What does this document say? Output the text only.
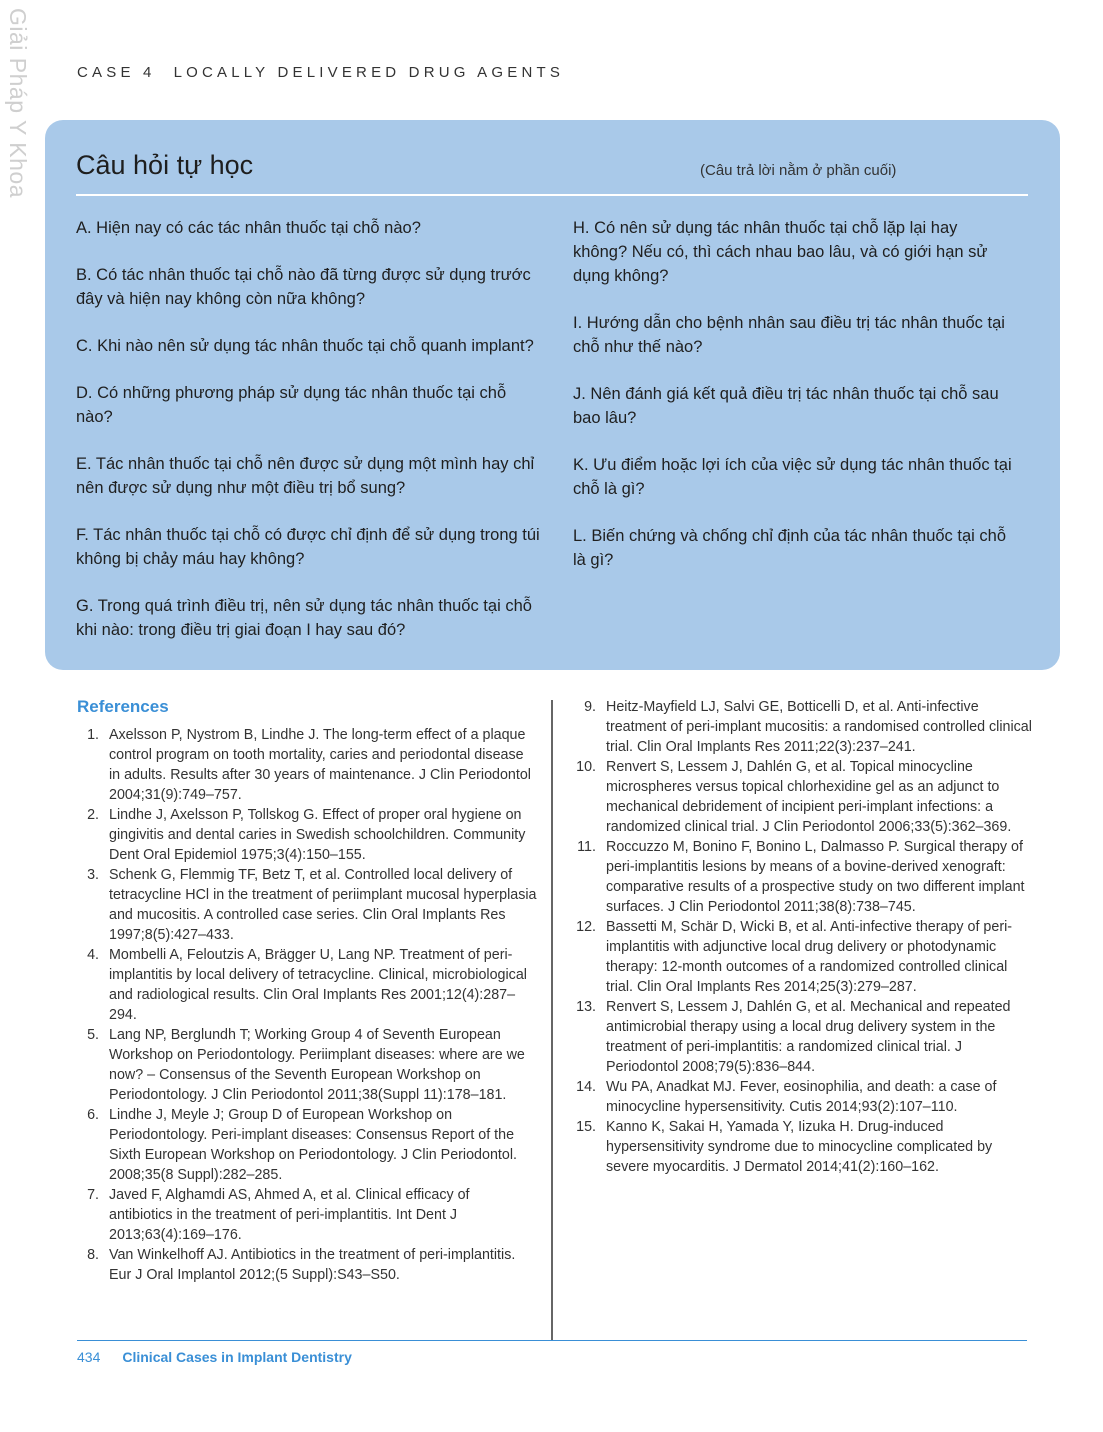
Giải Pháp Y Khoa	CASE 4 LOCALLY DELIVERED DRUG AGENTS
Câu hỏi tự học	(Câu trả lời nằm ở phần cuối)
A. Hiện nay có các tác nhân thuốc tại chỗ nào?
B. Có tác nhân thuốc tại chỗ nào đã từng được sử dụng trước đây và hiện nay không còn nữa không?
C. Khi nào nên sử dụng tác nhân thuốc tại chỗ quanh implant?
D. Có những phương pháp sử dụng tác nhân thuốc tại chỗ nào?
E. Tác nhân thuốc tại chỗ nên được sử dụng một mình hay chỉ nên được sử dụng như một điều trị bổ sung?
F. Tác nhân thuốc tại chỗ có được chỉ định để sử dụng trong túi không bị chảy máu hay không?
G. Trong quá trình điều trị, nên sử dụng tác nhân thuốc tại chỗ khi nào: trong điều trị giai đoạn I hay sau đó?
H. Có nên sử dụng tác nhân thuốc tại chỗ lặp lại hay không? Nếu có, thì cách nhau bao lâu, và có giới hạn sử dụng không?
I. Hướng dẫn cho bệnh nhân sau điều trị tác nhân thuốc tại chỗ như thế nào?
J. Nên đánh giá kết quả điều trị tác nhân thuốc tại chỗ sau bao lâu?
K. Ưu điểm hoặc lợi ích của việc sử dụng tác nhân thuốc tại chỗ là gì?
L. Biến chứng và chống chỉ định của tác nhân thuốc tại chỗ là gì?
References
1. Axelsson P, Nystrom B, Lindhe J. The long-term effect of a plaque control program on tooth mortality, caries and periodontal disease in adults. Results after 30 years of maintenance. J Clin Periodontol 2004;31(9):749–757.
2. Lindhe J, Axelsson P, Tollskog G. Effect of proper oral hygiene on gingivitis and dental caries in Swedish schoolchildren. Community Dent Oral Epidemiol 1975;3(4):150–155.
3. Schenk G, Flemmig TF, Betz T, et al. Controlled local delivery of tetracycline HCl in the treatment of periimplant mucosal hyperplasia and mucositis. A controlled case series. Clin Oral Implants Res 1997;8(5):427–433.
4. Mombelli A, Feloutzis A, Brägger U, Lang NP. Treatment of peri-implantitis by local delivery of tetracycline. Clinical, microbiological and radiological results. Clin Oral Implants Res 2001;12(4):287–294.
5. Lang NP, Berglundh T; Working Group 4 of Seventh European Workshop on Periodontology. Periimplant diseases: where are we now? – Consensus of the Seventh European Workshop on Periodontology. J Clin Periodontol 2011;38(Suppl 11):178–181.
6. Lindhe J, Meyle J; Group D of European Workshop on Periodontology. Peri-implant diseases: Consensus Report of the Sixth European Workshop on Periodontology. J Clin Periodontol. 2008;35(8 Suppl):282–285.
7. Javed F, Alghamdi AS, Ahmed A, et al. Clinical efficacy of antibiotics in the treatment of peri-implantitis. Int Dent J 2013;63(4):169–176.
8. Van Winkelhoff AJ. Antibiotics in the treatment of peri-implantitis. Eur J Oral Implantol 2012;(5 Suppl):S43–S50.
9. Heitz-Mayfield LJ, Salvi GE, Botticelli D, et al. Anti-infective treatment of peri-implant mucositis: a randomised controlled clinical trial. Clin Oral Implants Res 2011;22(3):237–241.
10. Renvert S, Lessem J, Dahlén G, et al. Topical minocycline microspheres versus topical chlorhexidine gel as an adjunct to mechanical debridement of incipient peri-implant infections: a randomized clinical trial. J Clin Periodontol 2006;33(5):362–369.
11. Roccuzzo M, Bonino F, Bonino L, Dalmasso P. Surgical therapy of peri-implantitis lesions by means of a bovine-derived xenograft: comparative results of a prospective study on two different implant surfaces. J Clin Periodontol 2011;38(8):738–745.
12. Bassetti M, Schär D, Wicki B, et al. Anti-infective therapy of peri-implantitis with adjunctive local drug delivery or photodynamic therapy: 12-month outcomes of a randomized controlled clinical trial. Clin Oral Implants Res 2014;25(3):279–287.
13. Renvert S, Lessem J, Dahlén G, et al. Mechanical and repeated antimicrobial therapy using a local drug delivery system in the treatment of peri-implantitis: a randomized clinical trial. J Periodontol 2008;79(5):836–844.
14. Wu PA, Anadkat MJ. Fever, eosinophilia, and death: a case of minocycline hypersensitivity. Cutis 2014;93(2):107–110.
15. Kanno K, Sakai H, Yamada Y, Iizuka H. Drug-induced hypersensitivity syndrome due to minocycline complicated by severe myocarditis. J Dermatol 2014;41(2):160–162.
434 Clinical Cases in Implant Dentistry
